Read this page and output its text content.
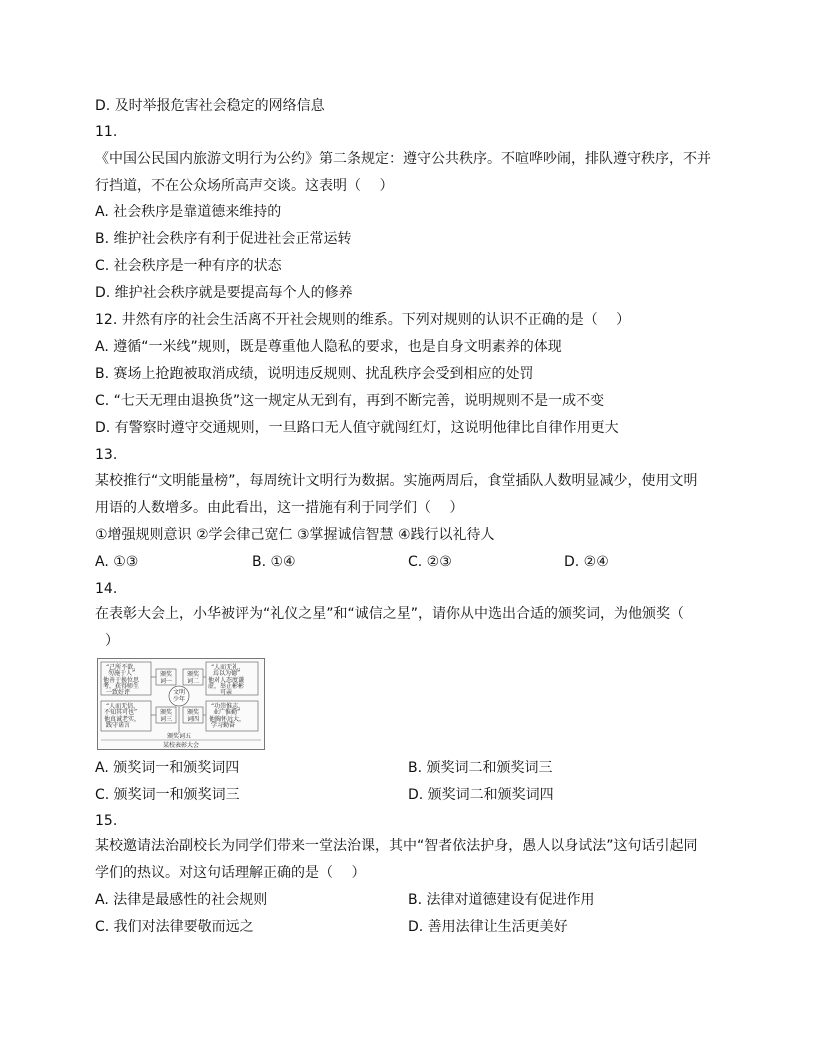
D. 及时举报危害社会稳定的网络信息
11.
《中国公民国内旅游文明行为公约》第二条规定：遵守公共秩序。不喧哗吵闹，排队遵守秩序，不并
行挡道，不在公众场所高声交谈。这表明（　 ）
A. 社会秩序是靠道德来维持的
B. 维护社会秩序有利于促进社会正常运转
C. 社会秩序是一种有序的状态
D. 维护社会秩序就是要提高每个人的修养
12. 井然有序的社会生活离不开社会规则的维系。下列对规则的认识不正确的是（　 ）
A. 遵循“一米线”规则，既是尊重他人隐私的要求，也是自身文明素养的体现
B. 赛场上抢跑被取消成绩，说明违反规则、扰乱秩序会受到相应的处罚
C. “七天无理由退换货”这一规定从无到有，再到不断完善，说明规则不是一成不变
D. 有警察时遵守交通规则，一旦路口无人值守就闯红灯，这说明他律比自律作用更大
13.
某校推行“文明能量榜”，每周统计文明行为数据。实施两周后，食堂插队人数明显减少，使用文明
用语的人数增多。由此看出，这一措施有利于同学们（　 ）
①增强规则意识 ②学会律己宽仁 ③掌握诚信智慧 ④践行以礼待人
A. ①③	B. ①④	C. ②③	D. ②④
14.
在表彰大会上，小华被评为“礼仪之星”和“诚信之星”，请你从中选出合适的颁奖词，为他颁奖（
）
文明
少年
“己所不欲，
勿施于人”
他善于换位思
考，获得师生
一致好评
“人而无礼，
焉以为德”
他对人态度谦
虚，举止彬彬
可亲
“人而无信，
不知其可也”
他真诚老实，
践守诺言
“功崇惟志，
业广惟勤”
他胸怀远大，
学习勤奋
颁奖
词一
颁奖
词二
颁奖
词三
颁奖
词四
颁奖词五
某校表彰大会
A. 颁奖词一和颁奖词四	B. 颁奖词二和颁奖词三
C. 颁奖词一和颁奖词三	D. 颁奖词二和颁奖词四
15.
某校邀请法治副校长为同学们带来一堂法治课，其中“智者依法护身，愚人以身试法”这句话引起同
学们的热议。对这句话理解正确的是（　 ）
A. 法律是最感性的社会规则	B. 法律对道德建设有促进作用
C. 我们对法律要敬而远之	D. 善用法律让生活更美好
